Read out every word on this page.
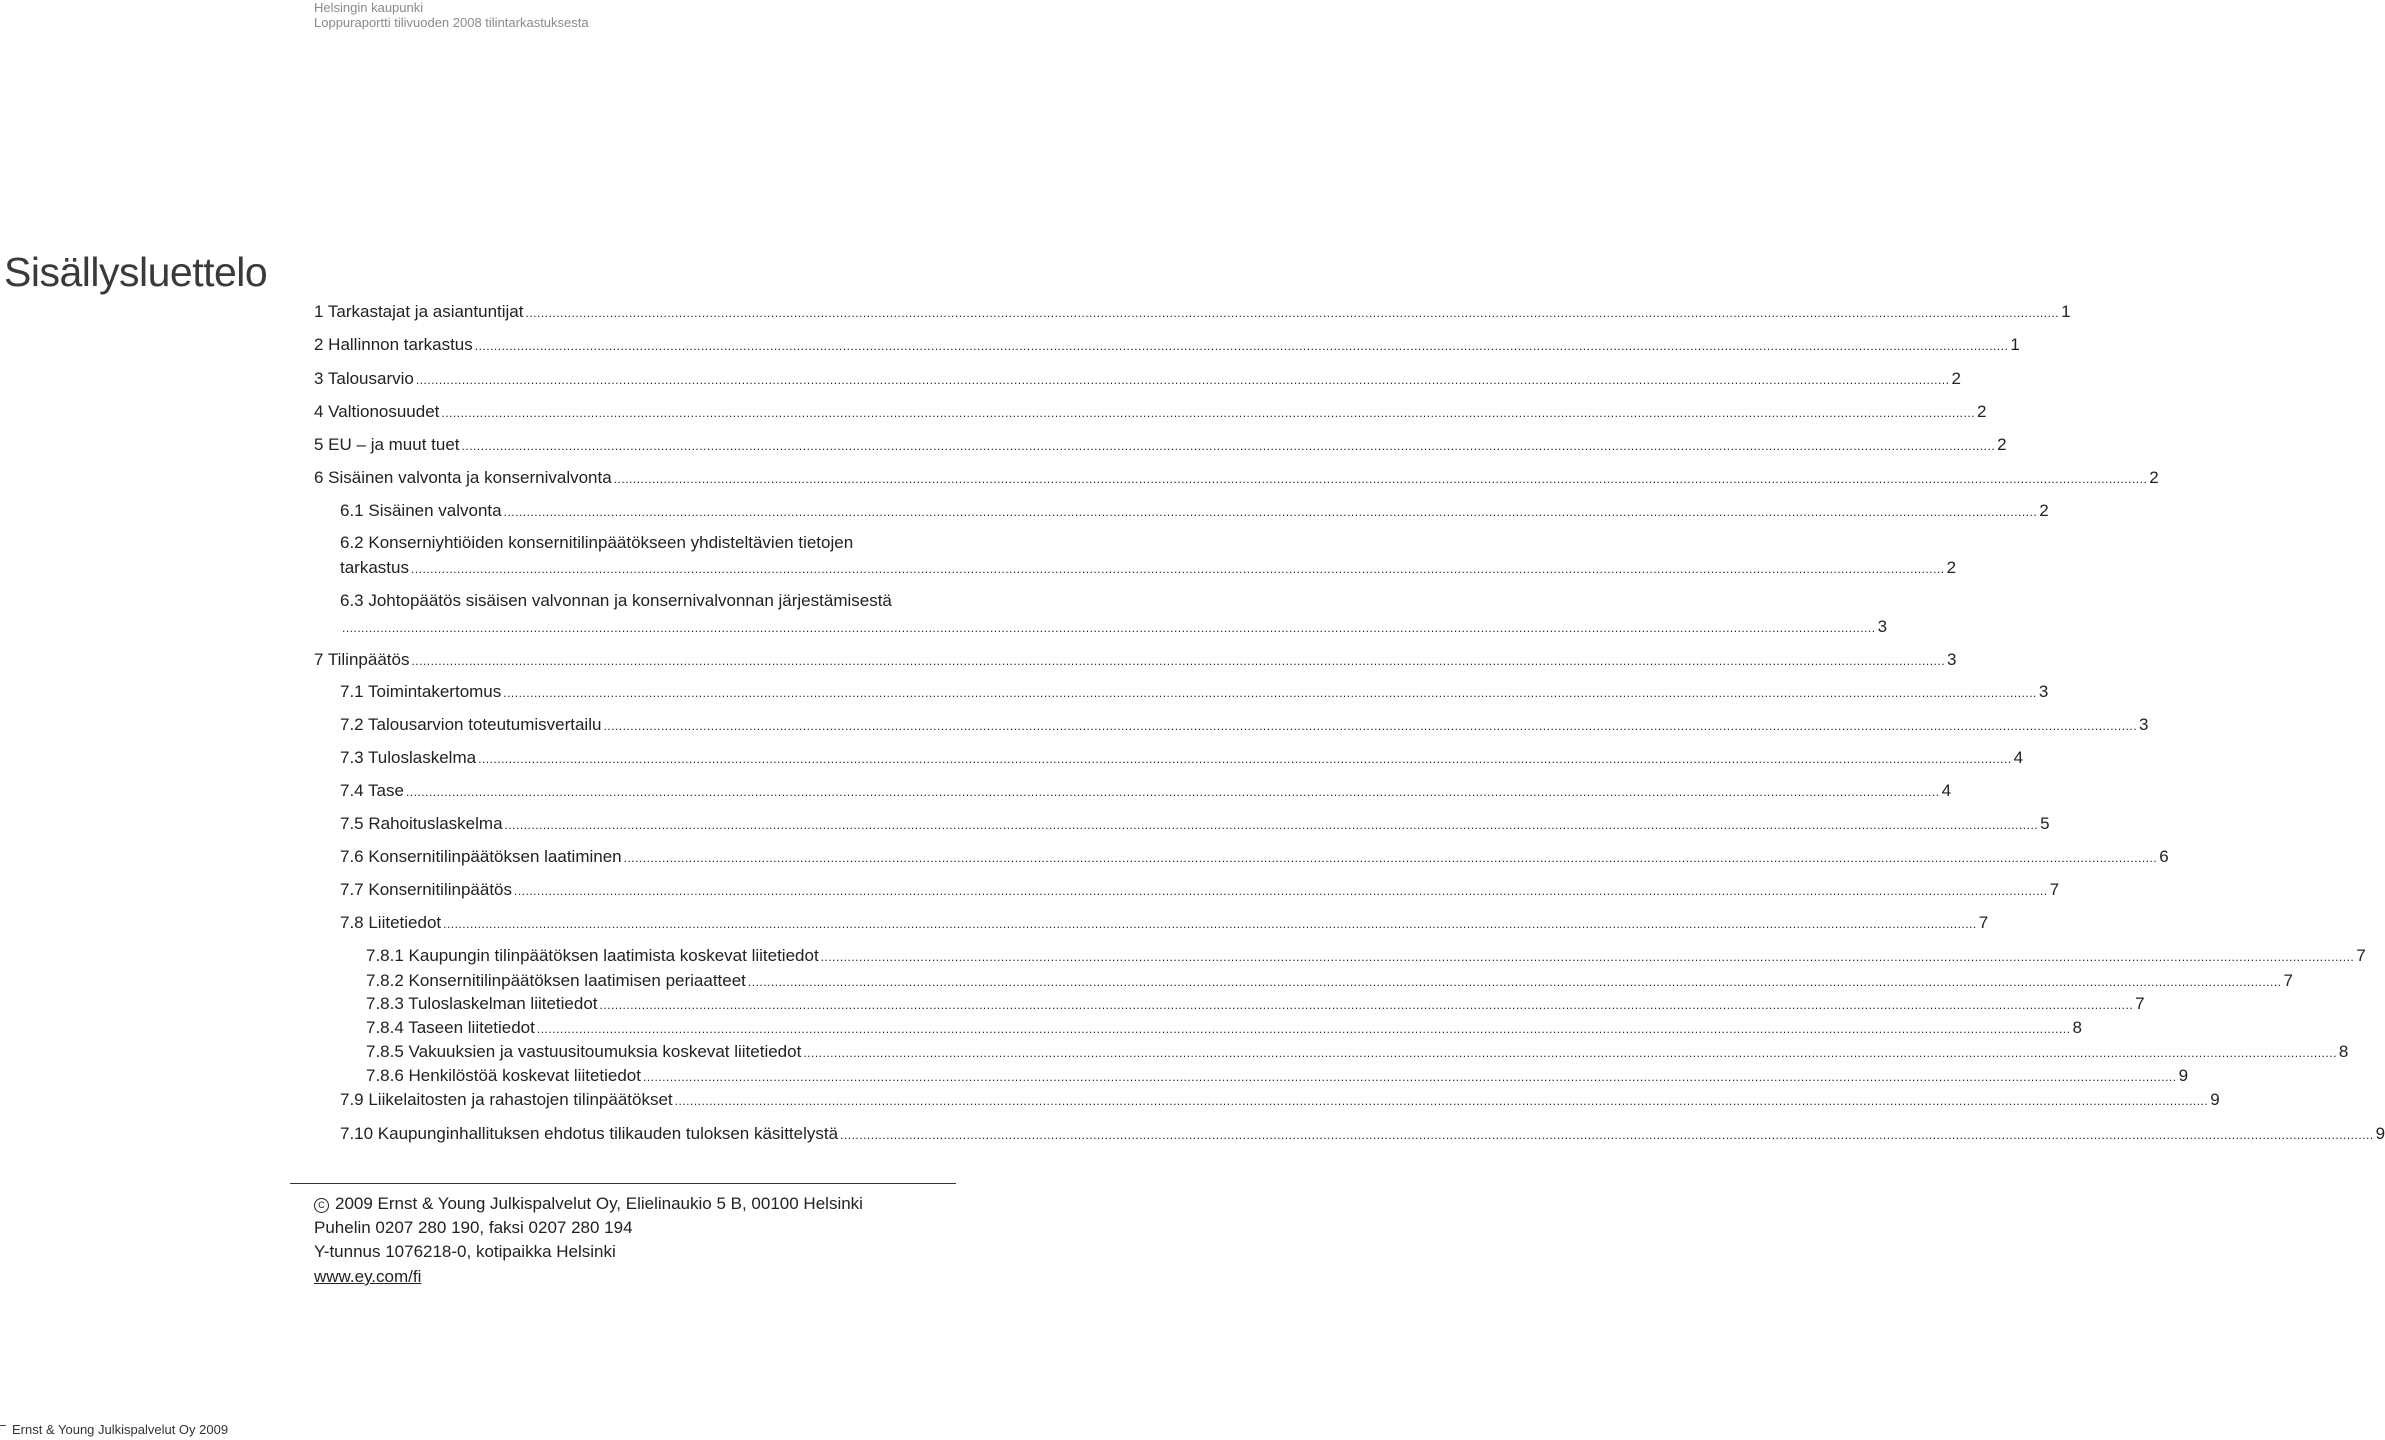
Helsingin kaupunki
Loppuraportti tilivuoden 2008 tilintarkastuksesta
Sisällysluettelo
1 Tarkastajat ja asiantuntijat ................................................................................................................................................................................................................................................................................................................................................................................................................ 1
2 Hallinnon tarkastus ................................................................................................................................................................................................................................................................................................................................................................................................................ 1
3 Talousarvio ................................................................................................................................................................................................................................................................................................................................................................................................................ 2
4 Valtionosuudet ................................................................................................................................................................................................................................................................................................................................................................................................................ 2
5 EU – ja muut tuet ................................................................................................................................................................................................................................................................................................................................................................................................................ 2
6 Sisäinen valvonta ja konsernivalvonta ................................................................................................................................................................................................................................................................................................................................................................................................................ 2
6.1 Sisäinen valvonta ................................................................................................................................................................................................................................................................................................................................................................................................................ 2
6.2 Konserniyhtiöiden konsernitilinpäätökseen yhdisteltävien tietojen
tarkastus ................................................................................................................................................................................................................................................................................................................................................................................................................ 2
6.3 Johtopäätös sisäisen valvonnan ja konsernivalvonnan järjestämisestä
................................................................................................................................................................................................................................................................................................................................................................................................................ 3
7 Tilinpäätös ................................................................................................................................................................................................................................................................................................................................................................................................................ 3
7.1 Toimintakertomus ................................................................................................................................................................................................................................................................................................................................................................................................................ 3
7.2 Talousarvion toteutumisvertailu ................................................................................................................................................................................................................................................................................................................................................................................................................ 3
7.3 Tuloslaskelma ................................................................................................................................................................................................................................................................................................................................................................................................................ 4
7.4 Tase ................................................................................................................................................................................................................................................................................................................................................................................................................ 4
7.5 Rahoituslaskelma ................................................................................................................................................................................................................................................................................................................................................................................................................ 5
7.6 Konsernitilinpäätöksen laatiminen ................................................................................................................................................................................................................................................................................................................................................................................................................ 6
7.7 Konsernitilinpäätös ................................................................................................................................................................................................................................................................................................................................................................................................................ 7
7.8 Liitetiedot ................................................................................................................................................................................................................................................................................................................................................................................................................ 7
7.8.1 Kaupungin tilinpäätöksen laatimista koskevat liitetiedot ................................................................................................................................................................................................................................................................................................................................................................................................................ 7
7.8.2 Konsernitilinpäätöksen laatimisen periaatteet ................................................................................................................................................................................................................................................................................................................................................................................................................ 7
7.8.3 Tuloslaskelman liitetiedot ................................................................................................................................................................................................................................................................................................................................................................................................................ 7
7.8.4 Taseen liitetiedot ................................................................................................................................................................................................................................................................................................................................................................................................................ 8
7.8.5 Vakuuksien ja vastuusitoumuksia koskevat liitetiedot ................................................................................................................................................................................................................................................................................................................................................................................................................ 8
7.8.6 Henkilöstöä koskevat liitetiedot ................................................................................................................................................................................................................................................................................................................................................................................................................ 9
7.9 Liikelaitosten ja rahastojen tilinpäätökset ................................................................................................................................................................................................................................................................................................................................................................................................................ 9
7.10 Kaupunginhallituksen ehdotus tilikauden tuloksen käsittelystä ................................................................................................................................................................................................................................................................................................................................................................................................................ 9
C 2009 Ernst & Young Julkispalvelut Oy, Elielinaukio 5 B, 00100 Helsinki
Puhelin 0207 280 190, faksi 0207 280 194
Y-tunnus 1076218-0, kotipaikka Helsinki
www.ey.com/fi
Ernst & Young Julkispalvelut Oy 2009
